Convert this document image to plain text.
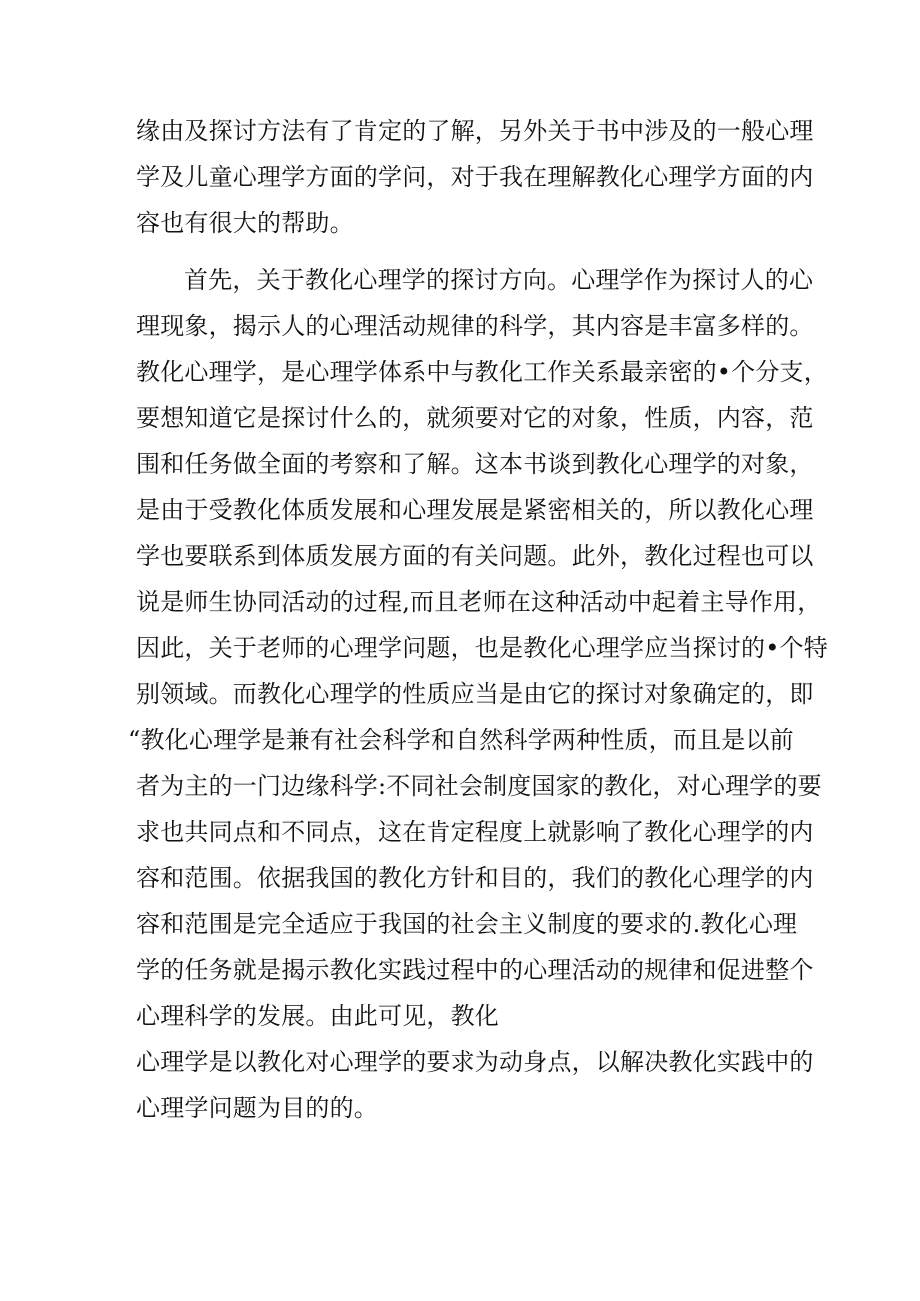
缘由及探讨方法有了肯定的了解，另外关于书中涉及的一般心理
学及儿童心理学方面的学问，对于我在理解教化心理学方面的内
容也有很大的帮助。
首先，关于教化心理学的探讨方向。心理学作为探讨人的心
理现象，揭示人的心理活动规律的科学，其内容是丰富多样的。
教化心理学，是心理学体系中与教化工作关系最亲密的•个分支，
要想知道它是探讨什么的，就须要对它的对象，性质，内容，范
围和任务做全面的考察和了解。这本书谈到教化心理学的对象，
是由于受教化体质发展和心理发展是紧密相关的，所以教化心理
学也要联系到体质发展方面的有关问题。此外，教化过程也可以
说是师生协同活动的过程,而且老师在这种活动中起着主导作用，
因此，关于老师的心理学问题，也是教化心理学应当探讨的•个特
别领域。而教化心理学的性质应当是由它的探讨对象确定的，即
“教化心理学是兼有社会科学和自然科学两种性质，而且是以前
者为主的一门边缘科学:不同社会制度国家的教化，对心理学的要
求也共同点和不同点，这在肯定程度上就影响了教化心理学的内
容和范围。依据我国的教化方针和目的，我们的教化心理学的内
容和范围是完全适应于我国的社会主义制度的要求的.教化心理
学的任务就是揭示教化实践过程中的心理活动的规律和促进整个
心理科学的发展。由此可见，教化
心理学是以教化对心理学的要求为动身点，以解决教化实践中的
心理学问题为目的的。
